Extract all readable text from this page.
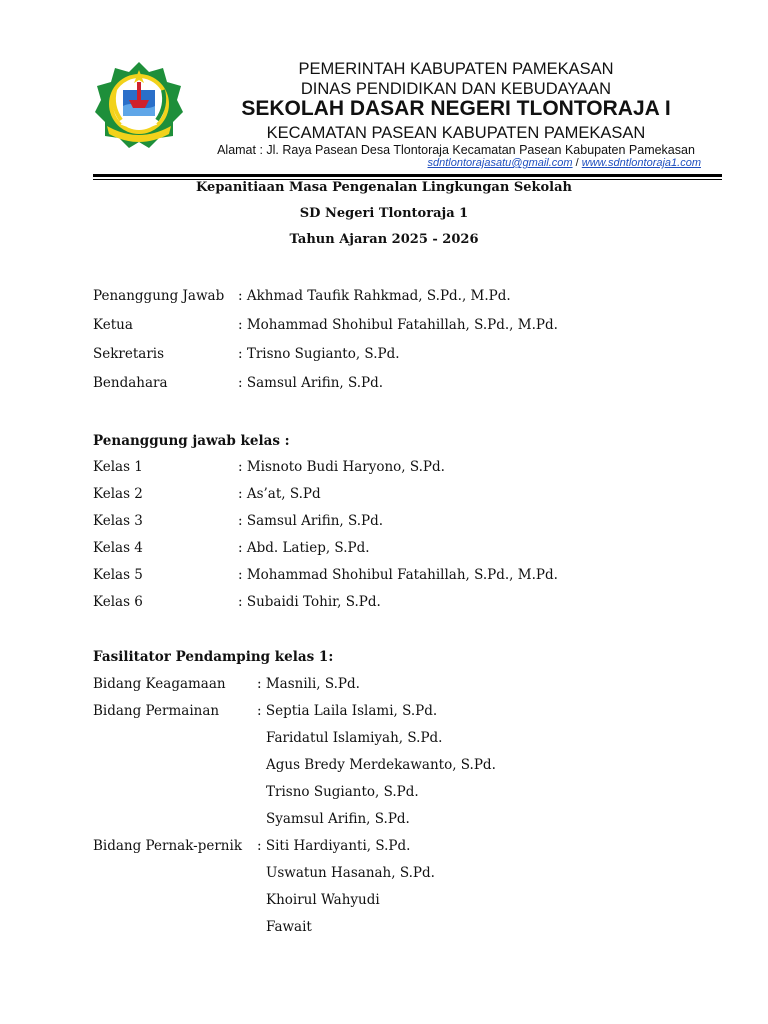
PEMERINTAH KABUPATEN PAMEKASAN
DINAS PENDIDIKAN DAN KEBUDAYAAN
SEKOLAH DASAR NEGERI TLONTORAJA I
KECAMATAN PASEAN KABUPATEN PAMEKASAN
Alamat : Jl. Raya Pasean Desa Tlontoraja Kecamatan Pasean Kabupaten Pamekasan
sdntlontorajasatu@gmail.com / www.sdntlontoraja1.com
Kepanitiaan Masa Pengenalan Lingkungan Sekolah
SD Negeri Tlontoraja 1
Tahun Ajaran 2025 - 2026
Penanggung Jawab : Akhmad Taufik Rahkmad, S.Pd., M.Pd.
Ketua	: Mohammad Shohibul Fatahillah, S.Pd., M.Pd.
Sekretaris	: Trisno Sugianto, S.Pd.
Bendahara	: Samsul Arifin, S.Pd.
Penanggung jawab kelas :
Kelas 1	: Misnoto Budi Haryono, S.Pd.
Kelas 2	: As’at, S.Pd
Kelas 3	: Samsul Arifin, S.Pd.
Kelas 4	: Abd. Latiep, S.Pd.
Kelas 5	: Mohammad Shohibul Fatahillah, S.Pd., M.Pd.
Kelas 6	: Subaidi Tohir, S.Pd.
Fasilitator Pendamping kelas 1:
Bidang Keagamaan : Masnili, S.Pd.
Bidang Permainan	: Septia Laila Islami, S.Pd.
Faridatul Islamiyah, S.Pd.
Agus Bredy Merdekawanto, S.Pd.
Trisno Sugianto, S.Pd.
Syamsul Arifin, S.Pd.
Bidang Pernak-pernik : Siti Hardiyanti, S.Pd.
Uswatun Hasanah, S.Pd.
Khoirul Wahyudi
Fawait
